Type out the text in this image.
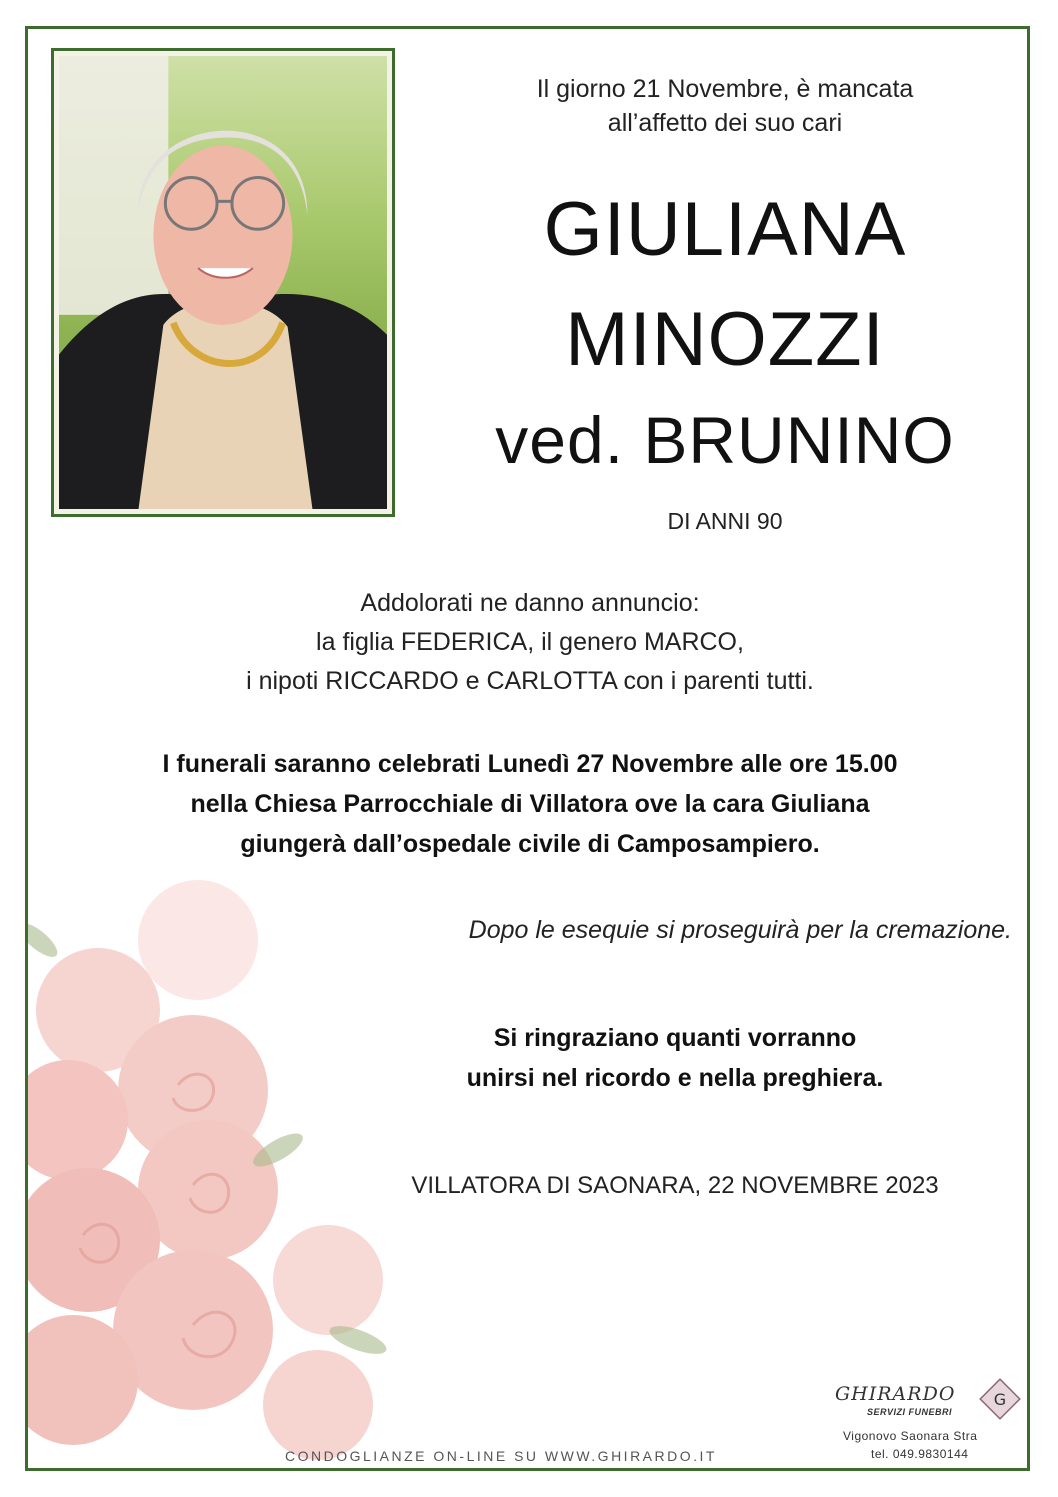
Il giorno 21 Novembre, è mancata
all’affetto dei suo cari
GIULIANA
MINOZZI
ved. BRUNINO
DI ANNI 90
Addolorati ne danno annuncio:
la figlia FEDERICA, il genero MARCO,
i nipoti RICCARDO e CARLOTTA con i parenti tutti.
I funerali saranno celebrati Lunedì 27 Novembre alle ore 15.00
nella Chiesa Parrocchiale di Villatora ove la cara Giuliana
giungerà dall’ospedale civile di Camposampiero.
Dopo le esequie si proseguirà per la cremazione.
Si ringraziano quanti vorranno
unirsi nel ricordo e nella preghiera.
VILLATORA DI SAONARA, 22 NOVEMBRE 2023
CONDOGLIANZE ON-LINE SU WWW.GHIRARDO.IT
GHIRARDO
SERVIZI FUNEBRI
G
Vigonovo Saonara Stra
tel. 049.9830144
